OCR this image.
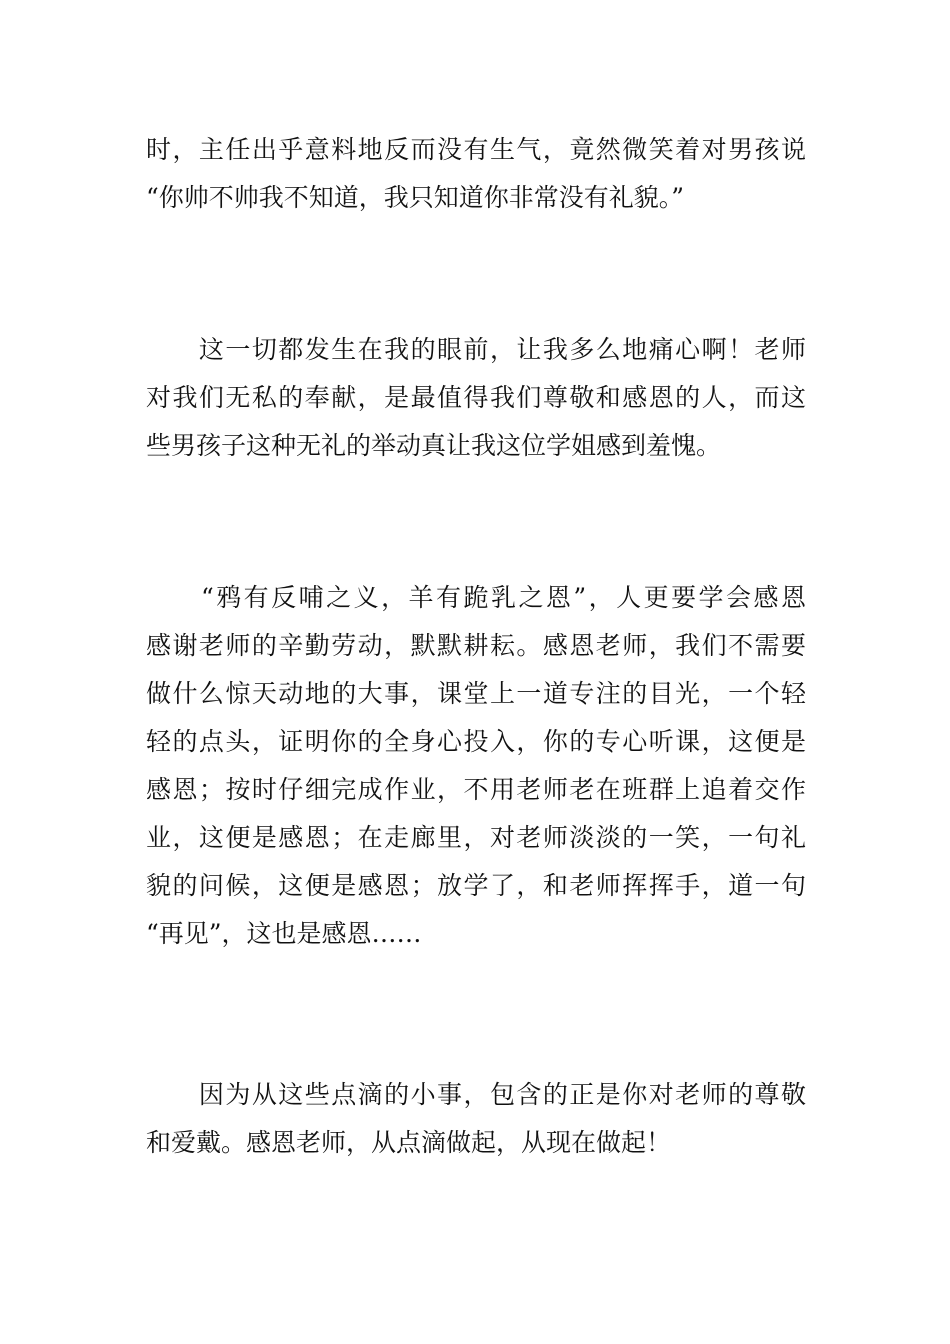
时，主任出乎意料地反而没有生气，竟然微笑着对男孩说
“你帅不帅我不知道，我只知道你非常没有礼貌。”
　　这一切都发生在我的眼前，让我多么地痛心啊！老师
对我们无私的奉献，是最值得我们尊敬和感恩的人，而这
些男孩子这种无礼的举动真让我这位学姐感到羞愧。
　　“鸦有反哺之义，羊有跪乳之恩”，人更要学会感恩
感谢老师的辛勤劳动，默默耕耘。感恩老师，我们不需要
做什么惊天动地的大事，课堂上一道专注的目光，一个轻
轻的点头，证明你的全身心投入，你的专心听课，这便是
感恩；按时仔细完成作业，不用老师老在班群上追着交作
业，这便是感恩；在走廊里，对老师淡淡的一笑，一句礼
貌的问候，这便是感恩；放学了，和老师挥挥手，道一句
“再见”，这也是感恩……
　　因为从这些点滴的小事，包含的正是你对老师的尊敬
和爱戴。感恩老师，从点滴做起，从现在做起！
